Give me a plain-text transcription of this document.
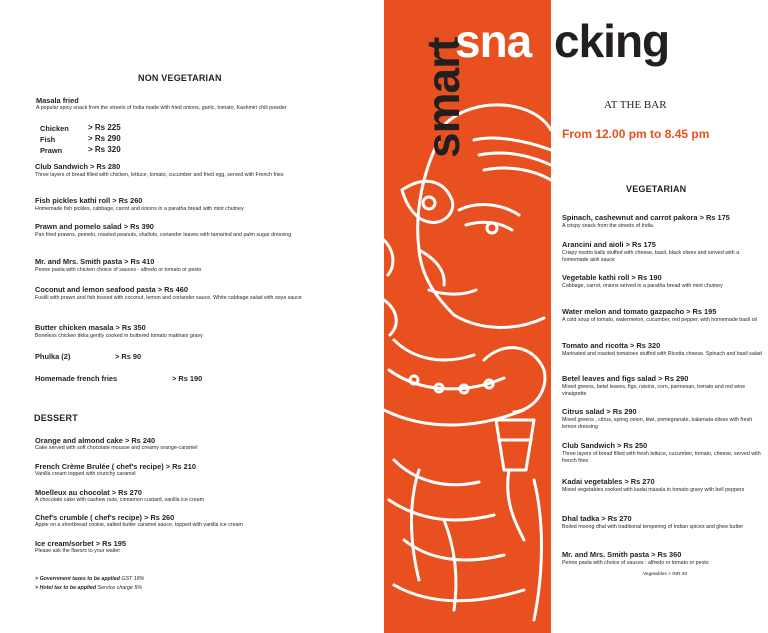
NON VEGETARIAN
Masala fried
A popular spicy snack from the streets of India made with fried onions, garlic, tomato, Kashmiri chili powder
Chicken > Rs 225
Fish	> Rs 290
Prawn	> Rs 320
Club Sandwich > Rs 280
Three layers of bread filled with chicken, lettuce, tomato, cucumber and fried egg, served with French fries
Fish pickles kathi roll > Rs 260
Homemade fish pickles, cabbage, carrot and onions in a paratha bread with mint chutney
Prawn and pomelo salad > Rs 390
Pan fried prawns, pomelo, roasted peanuts, shallots, coriander leaves with tamarind and palm sugar dressing
Mr. and Mrs. Smith pasta > Rs 410
Penne pasta with chicken choice of sauces - alfredo or tomato or pesto
Coconut and lemon seafood pasta > Rs 460
Fusilli with prawn and fish tossed with coconut, lemon and coriander sauce. White cabbage salad with soya sauce
Butter chicken masala > Rs 350
Boneless chicken tikka gently cooked in buttered tomato makhani gravy
Phulka (2)	> Rs 90
Homemade french fries	> Rs 190
DESSERT
Orange and almond cake > Rs 240
Cake served with soft chocolate mousse and creamy orange-caramel
French Crème Brulée ( chef's recipe) > Rs 210
Vanilla cream topped with crunchy caramel
Moelleux au chocolat > Rs 270
A chocolate cake with cashew nuts, cinnamon custard, vanilla ice cream
Chef's crumble ( chef's recipe) > Rs 260
Apple on a shortbread cookie, salted butter caramel sauce, topped with vanilla ice cream
Ice cream/sorbet > Rs 195
Please ask the flavors to your waiter
> Government taxes to be applied GST 18%
> Hotel tax to be applied Service charge 5%
smart
sna cking
AT THE BAR
From 12.00 pm to 8.45 pm
VEGETARIAN
Spinach, cashewnut and carrot pakora > Rs 175
A crispy snack from the streets of India
Arancini and aioli > Rs 175
Crispy risotto balls stuffed with cheese, basil, black olives and served with a homemade aioli sauce
Vegetable kathi roll > Rs 190
Cabbage, carrot, onions served in a paratha bread with mint chutney
Water melon and tomato gazpacho > Rs 195
A cold soup of tomato, watermelon, cucumber, red pepper, with homemade basil oil
Tomato and ricotta > Rs 320
Marinated and roasted tomatoes stuffed with Ricotta cheese. Spinach and basil salad
Betel leaves and figs salad > Rs 290
Mixed greens, betel leaves, figs, raisins, corn, parmesan, tomato and red wine vinaigrette
Citrus salad > Rs 290
Mixed greens , citrus, spring onion, kiwi, pomegranate, kalamata olives with fresh lemon dressing
Club Sandwich > Rs 250
Three layers of bread filled with fresh lettuce, cucumber, tomato, cheese, served with french fries
Kadai vegetables > Rs 270
Mixed vegetables cooked with kadai masala in tomato gravy with bell peppers
Dhal tadka > Rs 270
Boiled moong dhal with traditional tempering of Indian spices and ghee butter
Mr. and Mrs. Smith pasta > Rs 360
Penne pasta with choice of sauces : alfredo or tomato or pesto
Vegetables > INR 30
